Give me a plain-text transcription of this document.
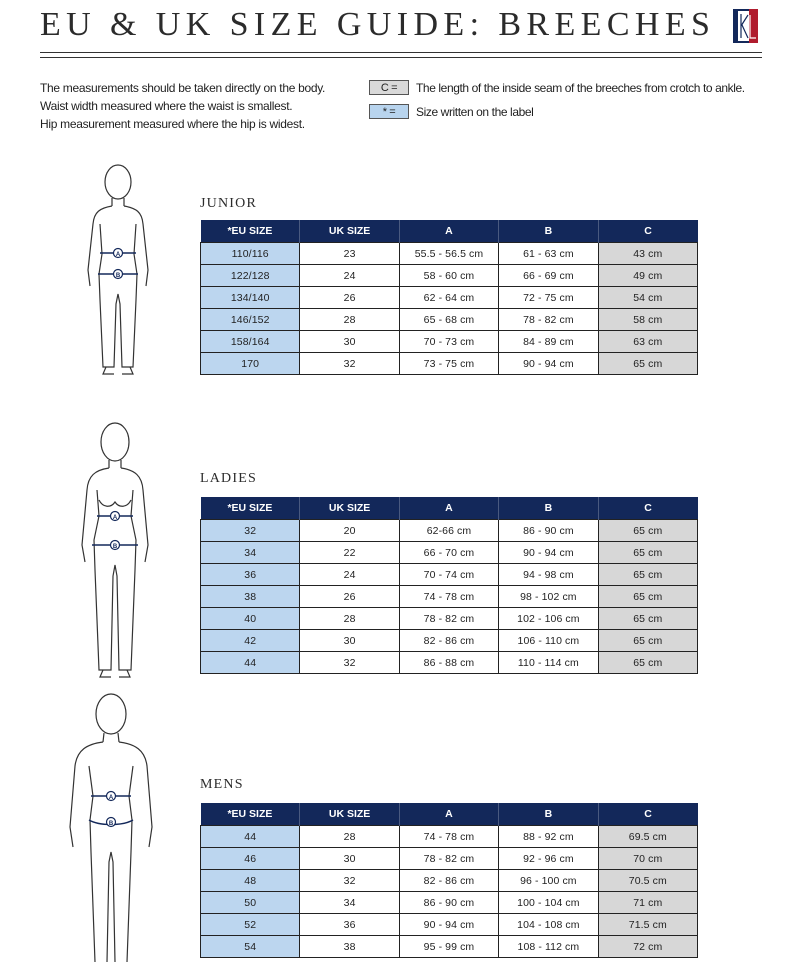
EU & UK SIZE GUIDE: BREECHES
The measurements should be taken directly on the body.
Waist width measured where the waist is smallest.
Hip measurement measured where the hip is widest.
C =	The length of the inside seam of the breeches from crotch to ankle.
* =	Size written on the label
A
B
A
B
A
B
JUNIOR
*EU SIZE	UK SIZE	A	B	C
110/116	23	55.5 - 56.5 cm	61 - 63 cm	43 cm
122/128	24	58 - 60 cm	66 - 69 cm	49 cm
134/140	26	62 - 64 cm	72 - 75 cm	54 cm
146/152	28	65 - 68 cm	78 - 82 cm	58 cm
158/164	30	70 - 73 cm	84 - 89 cm	63 cm
170	32	73 - 75 cm	90 - 94 cm	65 cm
LADIES
*EU SIZE	UK SIZE	A	B	C
32	20	62-66 cm	86 - 90 cm	65 cm
34	22	66 - 70 cm	90 - 94 cm	65 cm
36	24	70 - 74 cm	94 - 98 cm	65 cm
38	26	74 - 78 cm	98 - 102 cm	65 cm
40	28	78 - 82 cm	102 - 106 cm	65 cm
42	30	82 - 86 cm	106 - 110 cm	65 cm
44	32	86 - 88 cm	110 - 114 cm	65 cm
MENS
*EU SIZE	UK SIZE	A	B	C
44	28	74 - 78 cm	88 - 92 cm	69.5 cm
46	30	78 - 82 cm	92 - 96 cm	70 cm
48	32	82 - 86 cm	96 - 100 cm	70.5 cm
50	34	86 - 90 cm	100 - 104 cm	71 cm
52	36	90 - 94 cm	104 - 108 cm	71.5 cm
54	38	95 - 99 cm	108 - 112 cm	72 cm
